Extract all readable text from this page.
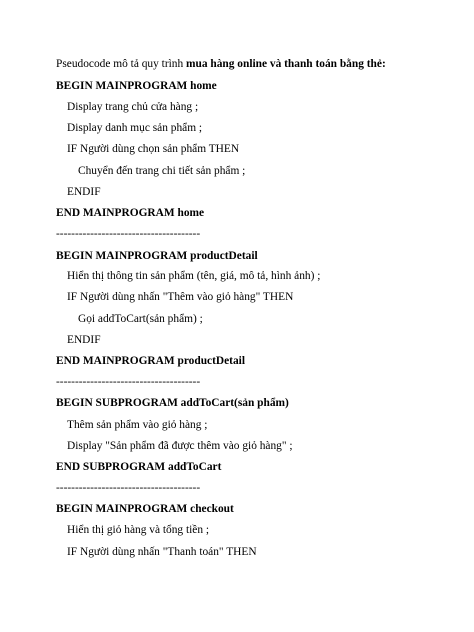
Pseudocode mô tả quy trình mua hàng online và thanh toán bằng thẻ:
BEGIN MAINPROGRAM home
Display trang chủ cửa hàng ;
Display danh mục sản phẩm ;
IF Người dùng chọn sản phẩm THEN
Chuyển đến trang chi tiết sản phẩm ;
ENDIF
END MAINPROGRAM home
--------------------------------------
BEGIN MAINPROGRAM productDetail
Hiển thị thông tin sản phẩm (tên, giá, mô tả, hình ảnh) ;
IF Người dùng nhấn "Thêm vào giỏ hàng" THEN
Gọi addToCart(sản phẩm) ;
ENDIF
END MAINPROGRAM productDetail
--------------------------------------
BEGIN SUBPROGRAM addToCart(sản phẩm)
Thêm sản phẩm vào giỏ hàng ;
Display "Sản phẩm đã được thêm vào giỏ hàng" ;
END SUBPROGRAM addToCart
--------------------------------------
BEGIN MAINPROGRAM checkout
Hiển thị giỏ hàng và tổng tiền ;
IF Người dùng nhấn "Thanh toán" THEN
